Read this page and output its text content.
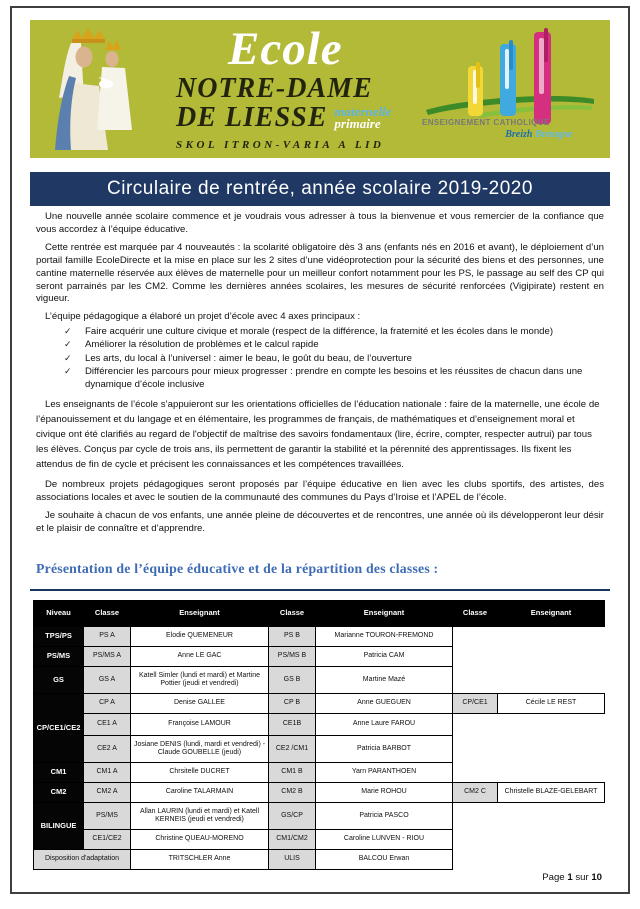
Ecole
NOTRE-DAME
DE LIESSE maternelle
primaire
SKOL ITRON-VARIA A LID
ENSEIGNEMENT CATHOLIQUE
Breizh Bretagne
Circulaire de rentrée, année scolaire 2019-2020

Une nouvelle année scolaire commence et je voudrais vous adresser à tous la bienvenue et vous remercier de la confiance que vous accordez à l’équipe éducative.

Cette rentrée est marquée par 4 nouveautés : la scolarité obligatoire dès 3 ans (enfants nés en 2016 et avant), le déploiement d’un portail famille EcoleDirecte et la mise en place sur les 2 sites d’une vidéoprotection pour la sécurité des biens et des personnes, une cantine maternelle réservée aux élèves de maternelle pour un meilleur confort notamment pour les PS, le passage au self des CP qui seront parrainés par les CM2. Comme les dernières années scolaires, les mesures de sécurité renforcées (Vigipirate) restent en vigueur.

L’équipe pédagogique a élaboré un projet d’école avec 4 axes principaux :

✓	Faire acquérir une culture civique et morale (respect de la différence, la fraternité et les écoles dans le monde)
✓	Améliorer la résolution de problèmes et le calcul rapide
✓	Les arts, du local à l’universel : aimer le beau, le goût du beau, de l’ouverture
✓	Différencier les parcours pour mieux progresser : prendre en compte les besoins et les réussites de chacun dans une dynamique d’école inclusive

Les enseignants de l’école s’appuieront sur les orientations officielles de l’éducation nationale : faire de la maternelle, une école de l’épanouissement et du langage et en élémentaire, les programmes de français, de mathématiques et d’enseignement moral et civique ont été clarifiés au regard de l'objectif de maîtrise des savoirs fondamentaux (lire, écrire, compter, respecter autrui) par tous les élèves. Conçus par cycle de trois ans, ils permettent de garantir la stabilité et la pérennité des apprentissages. Ils fixent les attendus de fin de cycle et précisent les connaissances et les compétences travaillées.

De nombreux projets pédagogiques seront proposés par l’équipe éducative en lien avec les clubs sportifs, des artistes, des associations locales et avec le soutien de la communauté des communes du Pays d’Iroise et l’APEL de l’école.

Je souhaite à chacun de vos enfants, une année pleine de découvertes et de rencontres, une année où ils développeront leur désir et le plaisir de connaître et d’apprendre.

Présentation de l’équipe éducative et de la répartition des classes :
Niveau	Classe	Enseignant	Classe	Enseignant	Classe	Enseignant
TPS/PS	PS A	Elodie QUEMENEUR	PS B	Marianne TOURON-FREMOND		
PS/MS	PS/MS A	Anne LE GAC	PS/MS B	Patricia CAM		
GS	GS A	Katell Simler (lundi et mardi) et Martine Pottier (jeudi et vendredi)	GS B	Martine Mazé		
CP/CE1/CE2	CP A	Denise GALLEE	CP B	Anne GUEGUEN	CP/CE1	Cécile LE REST
	CE1 A	Françoise LAMOUR	CE1B	Anne Laure FAROU		
	CE2 A	Josiane DENIS (lundi, mardi et vendredi) - Claude GOUBELLE (jeudi)	CE2 /CM1	Patricia BARBOT		
CM1	CM1 A	Chrsitelle DUCRET	CM1 B	Yarn PARANTHOEN		
CM2	CM2 A	Caroline TALARMAIN	CM2 B	Marie ROHOU	CM2 C	Christelle BLAZE-GELEBART
BILINGUE	PS/MS	Allan LAURIN (lundi et mardi) et Katell KERNEIS (jeudi et vendredi)	GS/CP	Patricia PASCO		
	CE1/CE2	Christine QUEAU-MORENO	CM1/CM2	Caroline LUNVEN - RIOU		
Disposition d'adaptation		TRITSCHLER Anne	ULIS	BALCOU Erwan		
Page 1 sur 10
